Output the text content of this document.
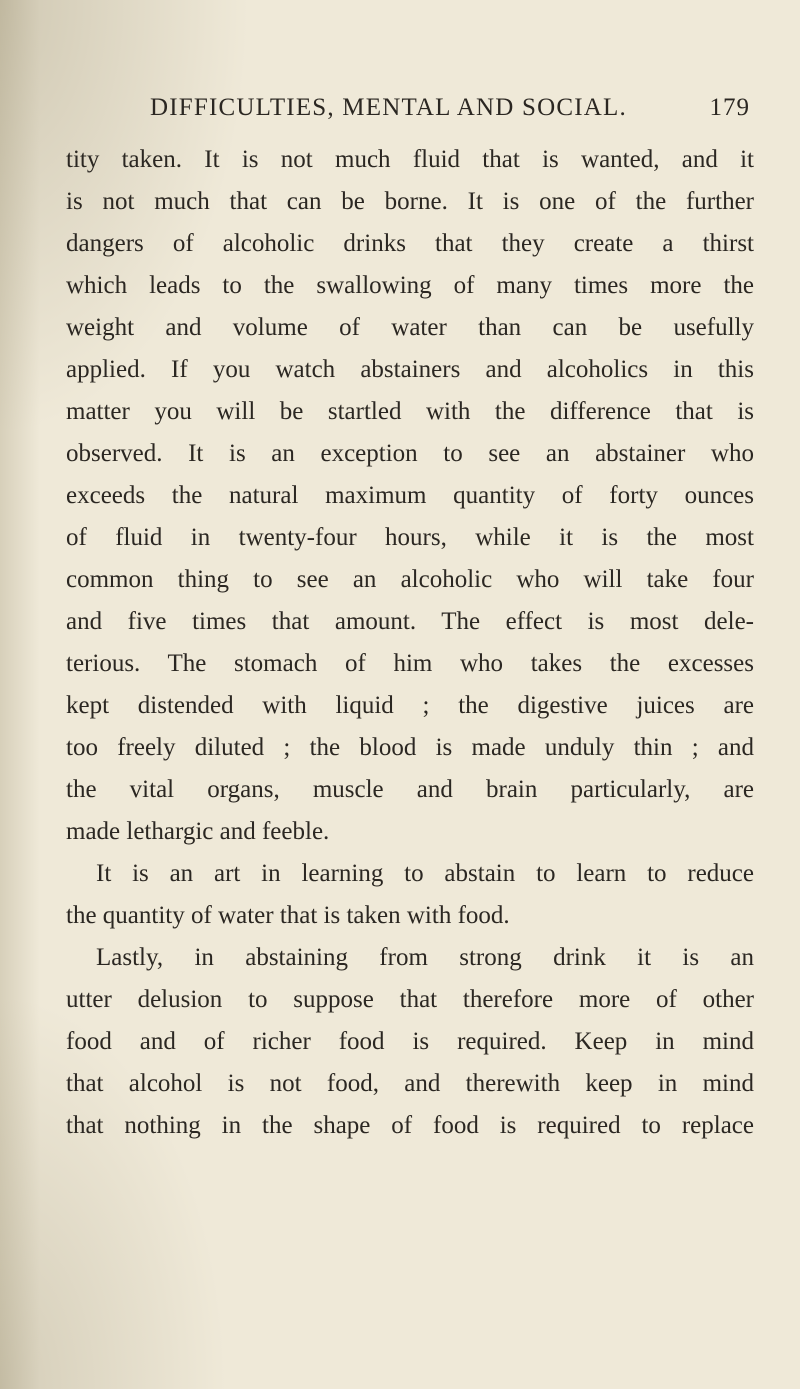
DIFFICULTIES, MENTAL AND SOCIAL.	179
tity taken. It is not much fluid that is wanted, and it
is not much that can be borne. It is one of the further
dangers of alcoholic drinks that they create a thirst
which leads to the swallowing of many times more the
weight and volume of water than can be usefully
applied. If you watch abstainers and alcoholics in this
matter you will be startled with the difference that is
observed. It is an exception to see an abstainer who
exceeds the natural maximum quantity of forty ounces
of fluid in twenty-four hours, while it is the most
common thing to see an alcoholic who will take four
and five times that amount. The effect is most dele-
terious. The stomach of him who takes the excesses
kept distended with liquid ; the digestive juices are
too freely diluted ; the blood is made unduly thin ; and
the vital organs, muscle and brain particularly, are
made lethargic and feeble.
It is an art in learning to abstain to learn to reduce
the quantity of water that is taken with food.
Lastly, in abstaining from strong drink it is an
utter delusion to suppose that therefore more of other
food and of richer food is required. Keep in mind
that alcohol is not food, and therewith keep in mind
that nothing in the shape of food is required to replace
